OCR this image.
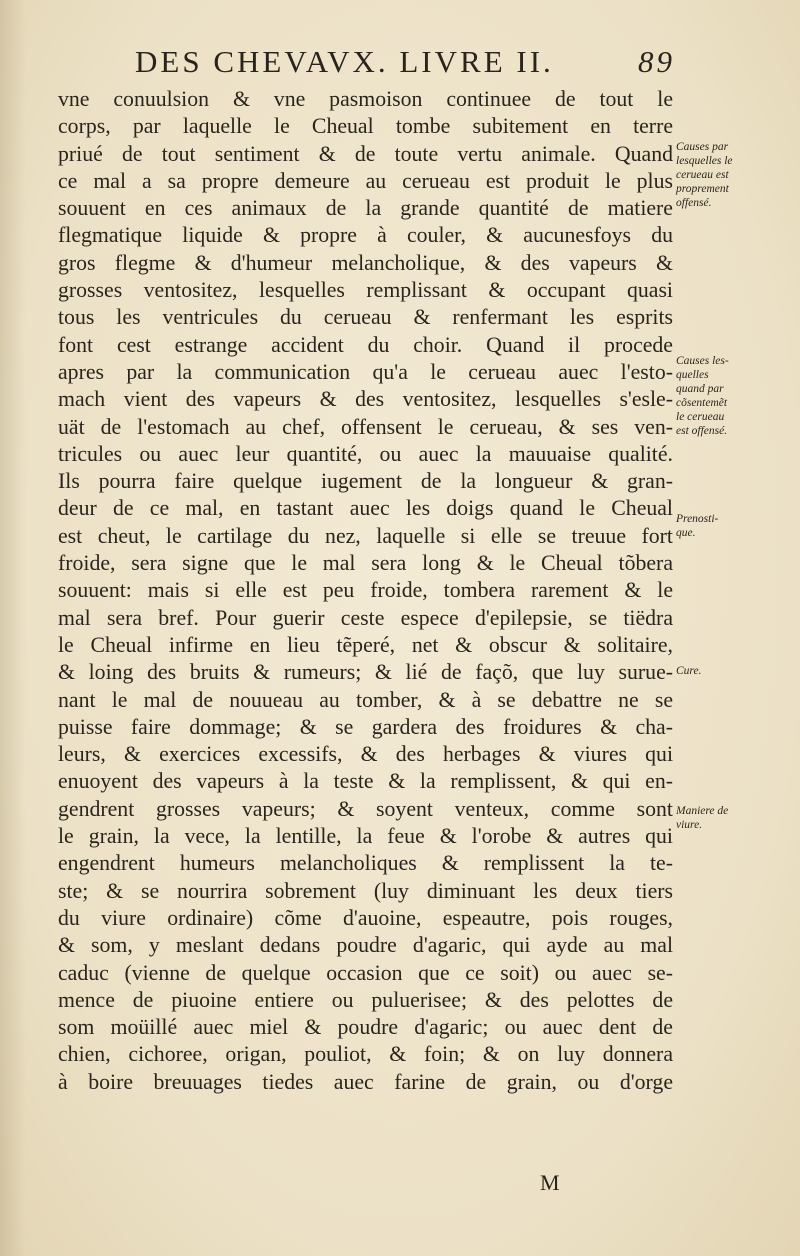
DES CHEVAVX. LIVRE II.	89
vne conuulsion & vne pasmoison continuee de tout le
corps, par laquelle le Cheual tombe subitement en terre
priué de tout sentiment & de toute vertu animale. Quand
ce mal a sa propre demeure au cerueau est produit le plus
souuent en ces animaux de la grande quantité de matiere
flegmatique liquide & propre à couler, & aucunesfoys du
gros flegme & d'humeur melancholique, & des vapeurs &
grosses ventositez, lesquelles remplissant & occupant quasi
tous les ventricules du cerueau & renfermant les esprits
font cest estrange accident du choir. Quand il procede
apres par la communication qu'a le cerueau auec l'esto-
mach vient des vapeurs & des ventositez, lesquelles s'esle-
uät de l'estomach au chef, offensent le cerueau, & ses ven-
tricules ou auec leur quantité, ou auec la mauuaise qualité.
Ils pourra faire quelque iugement de la longueur & gran-
deur de ce mal, en tastant auec les doigs quand le Cheual
est cheut, le cartilage du nez, laquelle si elle se treuue fort
froide, sera signe que le mal sera long & le Cheual tõbera
souuent: mais si elle est peu froide, tombera rarement & le
mal sera bref. Pour guerir ceste espece d'epilepsie, se tiëdra
le Cheual infirme en lieu tẽperé, net & obscur & solitaire,
& loing des bruits & rumeurs; & lié de façõ, que luy surue-
nant le mal de nouueau au tomber, & à se debattre ne se
puisse faire dommage; & se gardera des froidures & cha-
leurs, & exercices excessifs, & des herbages & viures qui
enuoyent des vapeurs à la teste & la remplissent, & qui en-
gendrent grosses vapeurs; & soyent venteux, comme sont
le grain, la vece, la lentille, la feue & l'orobe & autres qui
engendrent humeurs melancholiques & remplissent la te-
ste; & se nourrira sobrement (luy diminuant les deux tiers
du viure ordinaire) cõme d'auoine, espeautre, pois rouges,
& som, y meslant dedans poudre d'agaric, qui ayde au mal
caduc (vienne de quelque occasion que ce soit) ou auec se-
mence de piuoine entiere ou puluerisee; & des pelottes de
som moüillé auec miel & poudre d'agaric; ou auec dent de
chien, cichoree, origan, pouliot, & foin; & on luy donnera
à boire breuuages tiedes auec farine de grain, ou d'orge
Causes par
lesquelles le
cerueau est
proprement
offensé.
Causes les-
quelles
quand par
cõsentemẽt
le cerueau
est offensé.
Prenosti-
que.
Cure.
Maniere de
viure.
M
